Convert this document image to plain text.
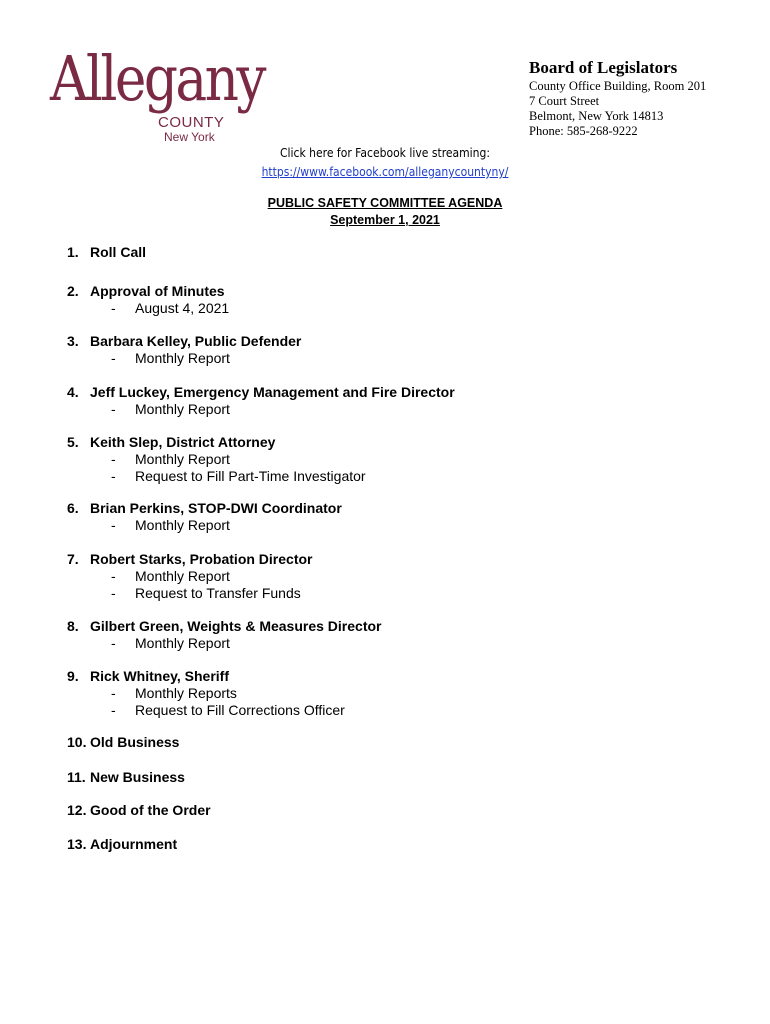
Allegany
COUNTY
New York
Board of Legislators
County Office Building, Room 201
7 Court Street
Belmont, New York 14813
Phone: 585-268-9222
Click here for Facebook live streaming:
https://www.facebook.com/alleganycountyny/
PUBLIC SAFETY COMMITTEE AGENDA
September 1, 2021
1. Roll Call
2. Approval of Minutes
- August 4, 2021
3. Barbara Kelley, Public Defender
- Monthly Report
4. Jeff Luckey, Emergency Management and Fire Director
- Monthly Report
5. Keith Slep, District Attorney
- Monthly Report
- Request to Fill Part-Time Investigator
6. Brian Perkins, STOP-DWI Coordinator
- Monthly Report
7. Robert Starks, Probation Director
- Monthly Report
- Request to Transfer Funds
8. Gilbert Green, Weights & Measures Director
- Monthly Report
9. Rick Whitney, Sheriff
- Monthly Reports
- Request to Fill Corrections Officer
10. Old Business
11. New Business
12. Good of the Order
13. Adjournment
